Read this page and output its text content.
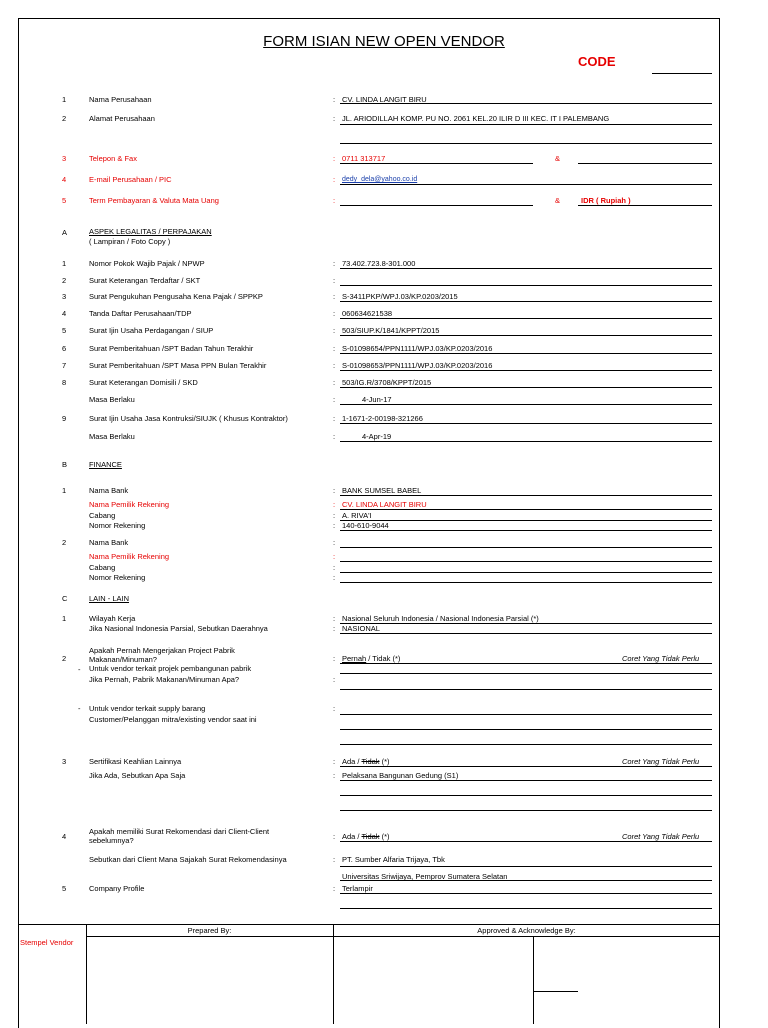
FORM ISIAN NEW OPEN VENDOR
CODE
1	Nama Perusahaan	: CV. LINDA LANGIT BIRU
2	Alamat Perusahaan	: JL. ARIODILLAH KOMP. PU NO. 2061 KEL.20 ILIR D III KEC. IT I PALEMBANG
3	Telepon & Fax	: 0711 313717	&
4	E-mail Perusahaan / PIC	: dedy_dela@yahoo.co.id
5	Term Pembayaran & Valuta Mata Uang	:	&	IDR ( Rupiah )
A	ASPEK LEGALITAS / PERPAJAKAN
( Lampiran / Foto Copy )
1	Nomor Pokok Wajib Pajak / NPWP	: 73.402.723.8-301.000
2	Surat Keterangan Terdaftar / SKT	:
3	Surat Pengukuhan Pengusaha Kena Pajak / SPPKP	: S-3411PKP/WPJ.03/KP.0203/2015
4	Tanda Daftar Perusahaan/TDP	: 060634621538
5	Surat Ijin Usaha Perdagangan / SIUP	: 503/SIUP.K/1841/KPPT/2015
6	Surat Pemberitahuan /SPT Badan Tahun Terakhir	: S-01098654/PPN1111/WPJ.03/KP.0203/2016
7	Surat Pemberitahuan /SPT Masa PPN Bulan Terakhir	: S-01098653/PPN1111/WPJ.03/KP.0203/2016
8	Surat Keterangan Domisili / SKD	: 503/IG.R/3708/KPPT/2015
Masa Berlaku	:	4-Jun-17
9	Surat Ijin Usaha Jasa Kontruksi/SIUJK ( Khusus Kontraktor)	: 1-1671-2-00198-321266
Masa Berlaku	:	4-Apr-19
B	FINANCE
1	Nama Bank	: BANK SUMSEL BABEL
Nama Pemilik Rekening	: CV. LINDA LANGIT BIRU
Cabang	: A. RIVA'I
Nomor Rekening	: 140-610-9044
2	Nama Bank	:
Nama Pemilik Rekening	:
Cabang	:
Nomor Rekening	:
C	LAIN - LAIN
1	Wilayah Kerja	: Nasional Seluruh Indonesia / Nasional Indonesia Parsial (*)
Jika Nasional Indonesia Parsial, Sebutkan Daerahnya	: NASIONAL
2
Apakah Pernah Mengerjakan Project Pabrik
Makanan/Minuman?	: Pernah / Tidak (*)	Coret Yang Tidak Perlu
- Untuk vendor terkait projek pembangunan pabrik
Jika Pernah, Pabrik Makanan/Minuman Apa?	:
- Untuk vendor terkait supply barang
Customer/Pelanggan mitra/existing vendor saat ini
:
3	Sertifikasi Keahlian Lainnya	: Ada / Tidak (*)	Coret Yang Tidak Perlu
Jika Ada, Sebutkan Apa Saja	: Pelaksana Bangunan Gedung (S1)
4
Apakah memiliki Surat Rekomendasi dari Client-Client
sebelumnya?	: Ada / Tidak (*)	Coret Yang Tidak Perlu
Sebutkan dari Client Mana Sajakah Surat Rekomendasinya	: PT. Sumber Alfaria Trijaya, Tbk
Universitas Sriwijaya, Pemprov Sumatera Selatan
5	Company Profile	: Terlampir
Stempel Vendor
Prepared By:	Approved & Acknowledge By:
